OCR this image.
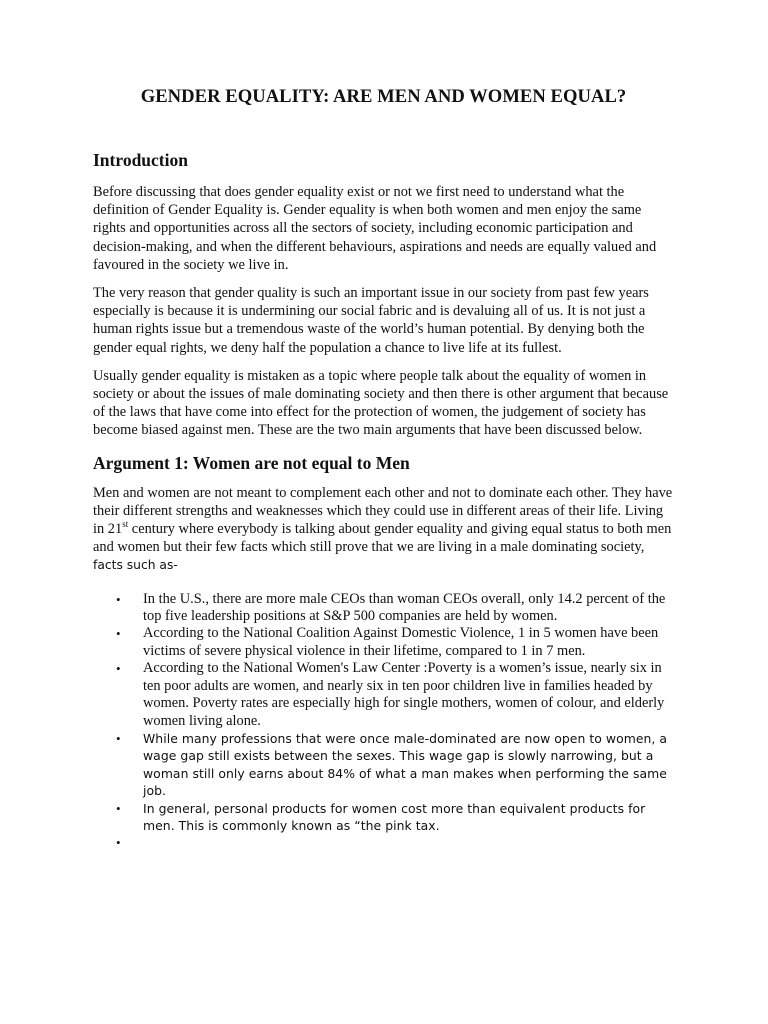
GENDER EQUALITY: ARE MEN AND WOMEN EQUAL?
Introduction

Before discussing that does gender equality exist or not we first need to understand what the definition of Gender Equality is. Gender equality is when both women and men enjoy the same rights and opportunities across all the sectors of society, including economic participation and decision-making, and when the different behaviours, aspirations and needs are equally valued and favoured in the society we live in.

The very reason that gender quality is such an important issue in our society from past few years especially is because it is undermining our social fabric and is devaluing all of us. It is not just a human rights issue but a tremendous waste of the world’s human potential. By denying both the gender equal rights, we deny half the population a chance to live life at its fullest.

Usually gender equality is mistaken as a topic where people talk about the equality of women in society or about the issues of male dominating society and then there is other argument that because of the laws that have come into effect for the protection of women, the judgement of society has become biased against men. These are the two main arguments that have been discussed below.

Argument 1: Women are not equal to Men

Men and women are not meant to complement each other and not to dominate each other. They have their different strengths and weaknesses which they could use in different areas of their life. Living in 21st century where everybody is talking about gender equality and giving equal status to both men and women but their few facts which still prove that we are living in a male dominating society, facts such as-

• In the U.S., there are more male CEOs than woman CEOs overall, only 14.2 percent of the top five leadership positions at S&P 500 companies are held by women.
• According to the National Coalition Against Domestic Violence, 1 in 5 women have been victims of severe physical violence in their lifetime, compared to 1 in 7 men.
• According to the National Women's Law Center :Poverty is a women’s issue, nearly six in ten poor adults are women, and nearly six in ten poor children live in families headed by women. Poverty rates are especially high for single mothers, women of colour, and elderly women living alone.
• While many professions that were once male-dominated are now open to women, a wage gap still exists between the sexes. This wage gap is slowly narrowing, but a woman still only earns about 84% of what a man makes when performing the same job.
• In general, personal products for women cost more than equivalent products for men. This is commonly known as “the pink tax.
•
